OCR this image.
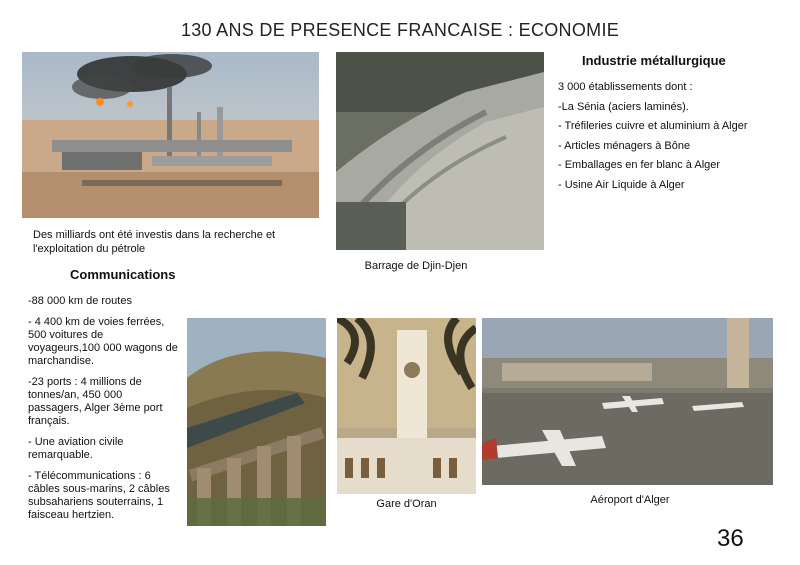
130 ANS DE PRESENCE FRANCAISE : ECONOMIE
Des milliards ont été investis dans la recherche et l'exploitation du pétrole
Barrage de Djin-Djen
Industrie métallurgique
3 000 établissements dont :
-La Sénia (aciers laminés).
- Tréfileries cuivre et aluminium à Alger
- Articles ménagers à Bône
- Emballages en fer blanc à Alger
- Usine Air Liquide à Alger
Communications
-88 000 km de routes
- 4 400 km de voies ferrées, 500 voitures de voyageurs,100 000 wagons de marchandise.
-23 ports : 4 millions de tonnes/an, 450 000 passagers, Alger 3ème port français.
- Une aviation civile remarquable.
- Télécommunications : 6 câbles sous-marins, 2 câbles subsahariens souterrains, 1 faisceau hertzien.
Gare d'Oran	Aéroport d'Alger
36
